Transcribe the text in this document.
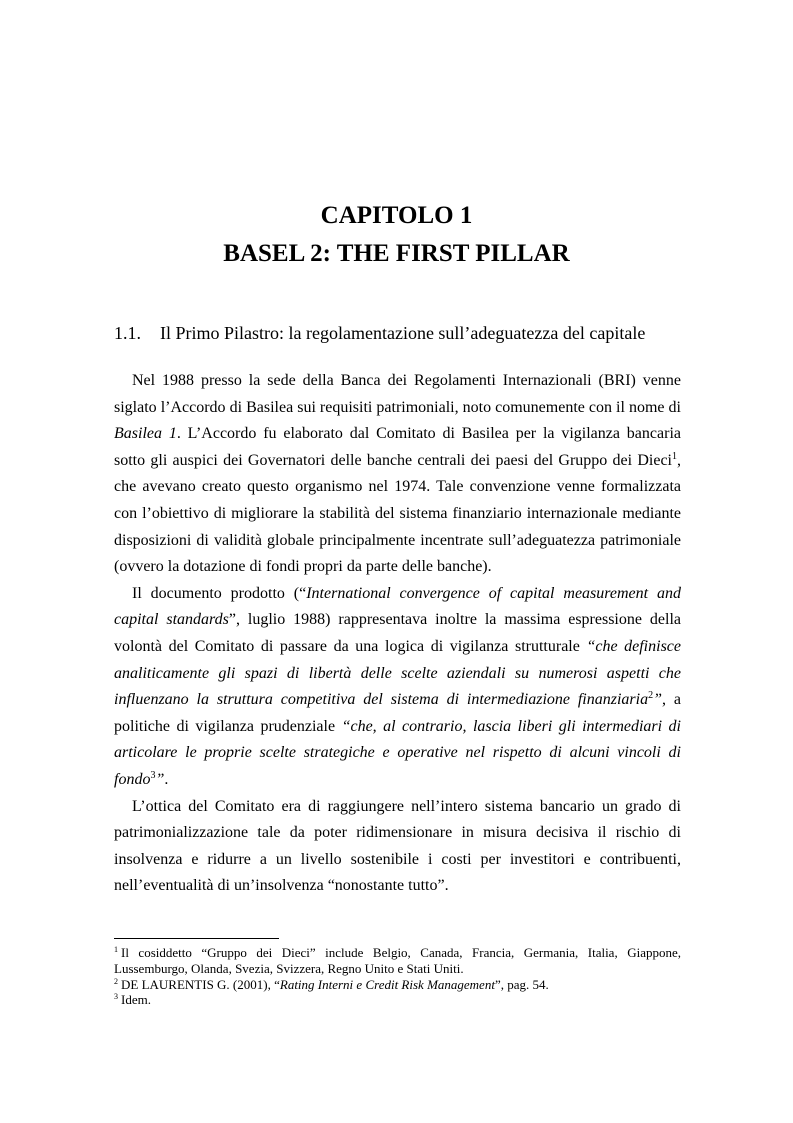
CAPITOLO 1
BASEL 2: THE FIRST PILLAR
1.1. Il Primo Pilastro: la regolamentazione sull’adeguatezza del capitale

Nel 1988 presso la sede della Banca dei Regolamenti Internazionali (BRI) venne siglato l’Accordo di Basilea sui requisiti patrimoniali, noto comunemente con il nome di Basilea 1. L’Accordo fu elaborato dal Comitato di Basilea per la vigilanza bancaria sotto gli auspici dei Governatori delle banche centrali dei paesi del Gruppo dei Dieci$^1$, che avevano creato questo organismo nel 1974. Tale convenzione venne formalizzata con l’obiettivo di migliorare la stabilità del sistema finanziario internazionale mediante disposizioni di validità globale principalmente incentrate sull’adeguatezza patrimoniale (ovvero la dotazione di fondi propri da parte delle banche).

Il documento prodotto (“International convergence of capital measurement and capital standards”, luglio 1988) rappresentava inoltre la massima espressione della volontà del Comitato di passare da una logica di vigilanza strutturale “che definisce analiticamente gli spazi di libertà delle scelte aziendali su numerosi aspetti che influenzano la struttura competitiva del sistema di intermediazione finanziaria$^2$”, a politiche di vigilanza prudenziale “che, al contrario, lascia liberi gli intermediari di articolare le proprie scelte strategiche e operative nel rispetto di alcuni vincoli di fondo$^3$”.

L’ottica del Comitato era di raggiungere nell’intero sistema bancario un grado di patrimonializzazione tale da poter ridimensionare in misura decisiva il rischio di insolvenza e ridurre a un livello sostenibile i costi per investitori e contribuenti, nell’eventualità di un’insolvenza “nonostante tutto”.

$^1$ Il cosiddetto “Gruppo dei Dieci” include Belgio, Canada, Francia, Germania, Italia, Giappone, Lussemburgo, Olanda, Svezia, Svizzera, Regno Unito e Stati Uniti.

$^2$ DE LAURENTIS G. (2001), “Rating Interni e Credit Risk Management”, pag. 54.

$^3$ Idem.
